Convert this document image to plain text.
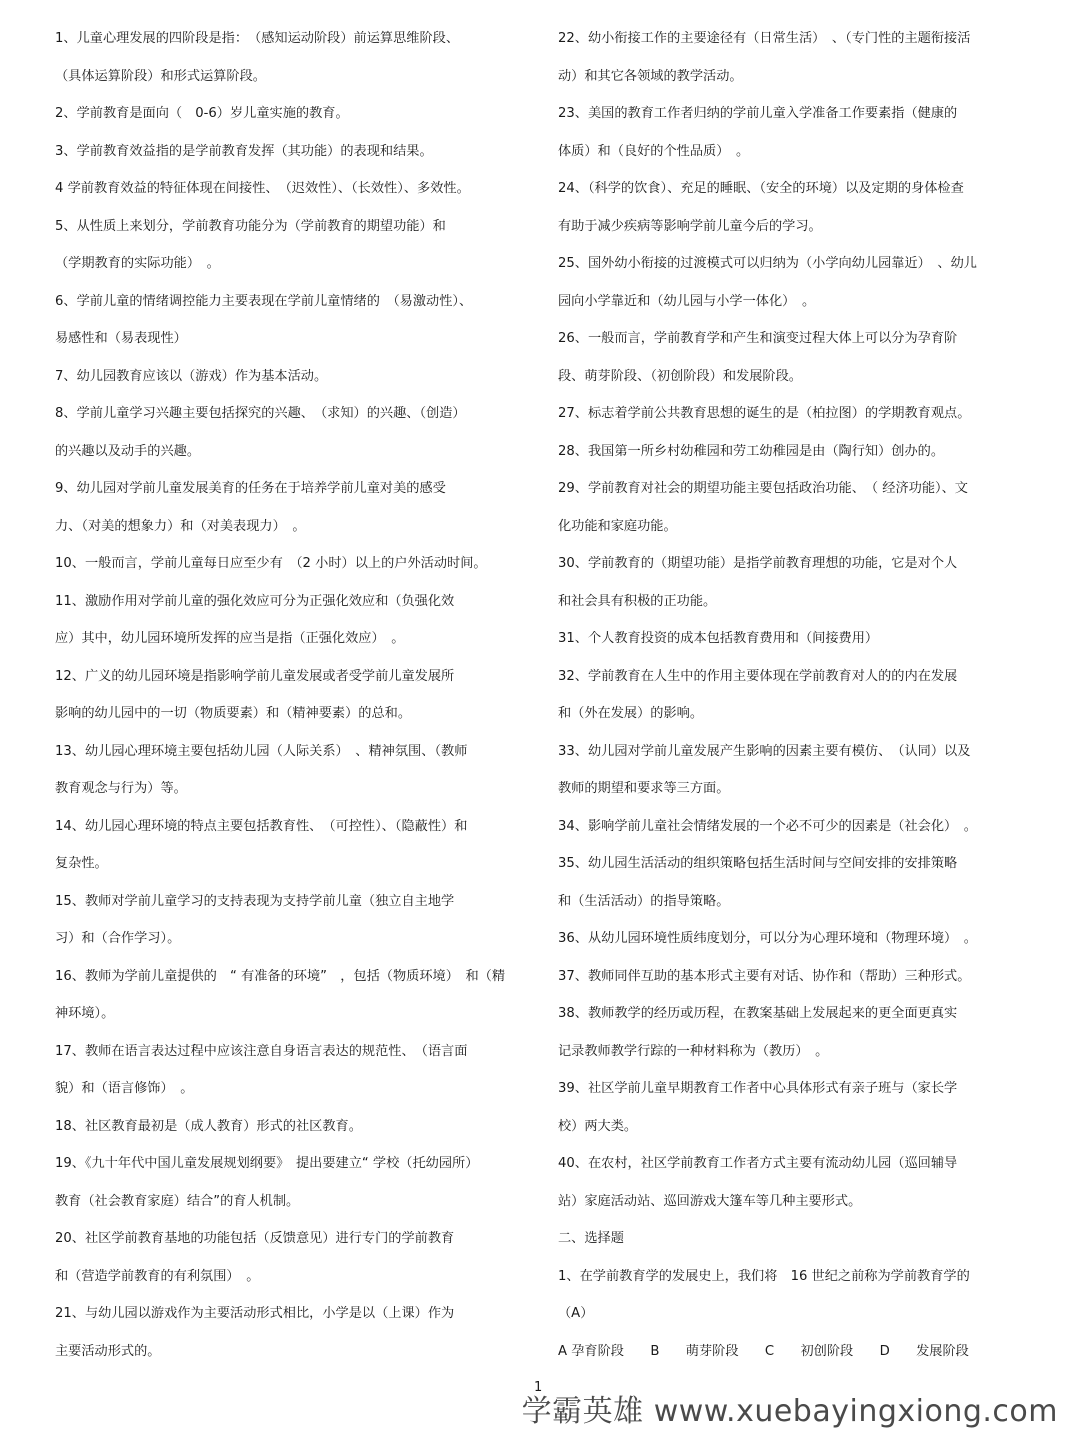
1、儿童心理发展的四阶段是指：　（感知运动阶段）前运算思维阶段、
（具体运算阶段）和形式运算阶段。
2、学前教育是面向（　0-6）岁儿童实施的教育。
3、学前教育效益指的是学前教育发挥（其功能）的表现和结果。
4 学前教育效益的特征体现在间接性、　（迟效性）、（长效性）、多效性。
5、从性质上来划分，学前教育功能分为（学前教育的期望功能）和
（学期教育的实际功能）　。
6、学前儿童的情绪调控能力主要表现在学前儿童情绪的　（易激动性）、
易感性和（易表现性）
7、幼儿园教育应该以（游戏）作为基本活动。
8、学前儿童学习兴趣主要包括探究的兴趣、　（求知）的兴趣、（创造）
的兴趣以及动手的兴趣。
9、幼儿园对学前儿童发展美育的任务在于培养学前儿童对美的感受
力、（对美的想象力）和（对美表现力）　。
10、一般而言，学前儿童每日应至少有　（2 小时）以上的户外活动时间。
11、激励作用对学前儿童的强化效应可分为正强化效应和（负强化效
应）其中，幼儿园环境所发挥的应当是指（正强化效应）　。
12、广义的幼儿园环境是指影响学前儿童发展或者受学前儿童发展所
影响的幼儿园中的一切（物质要素）和（精神要素）的总和。
13、幼儿园心理环境主要包括幼儿园（人际关系）　、精神氛围、（教师
教育观念与行为）等。
14、幼儿园心理环境的特点主要包括教育性、　（可控性）、（隐蔽性）和
复杂性。
15、教师对学前儿童学习的支持表现为支持学前儿童（独立自主地学
习）和（合作学习）。
16、教师为学前儿童提供的　“ 有准备的环境”　，包括（物质环境）　和（精
神环境）。
17、教师在语言表达过程中应该注意自身语言表达的规范性、　（语言面
貌）和（语言修饰）　。
18、社区教育最初是（成人教育）形式的社区教育。
19、《九十年代中国儿童发展规划纲要》　提出要建立“ 学校（托幼园所）
教育（社会教育家庭）结合”的育人机制。
20、社区学前教育基地的功能包括（反馈意见）进行专门的学前教育
和（营造学前教育的有利氛围）　。
21、与幼儿园以游戏作为主要活动形式相比，小学是以（上课）作为
主要活动形式的。
22、幼小衔接工作的主要途径有（日常生活）　、（专门性的主题衔接活
动）和其它各领域的教学活动。
23、美国的教育工作者归纳的学前儿童入学准备工作要素指（健康的
体质）和（良好的个性品质）　。
24、（科学的饮食）、充足的睡眠、（安全的环境）以及定期的身体检查
有助于减少疾病等影响学前儿童今后的学习。
25、国外幼小衔接的过渡模式可以归纳为（小学向幼儿园靠近）　、幼儿
园向小学靠近和（幼儿园与小学一体化）　。
26、一般而言，学前教育学和产生和演变过程大体上可以分为孕育阶
段、萌芽阶段、（初创阶段）和发展阶段。
27、标志着学前公共教育思想的诞生的是（柏拉图）的学期教育观点。
28、我国第一所乡村幼稚园和劳工幼稚园是由（陶行知）创办的。
29、学前教育对社会的期望功能主要包括政治功能、　（ 经济功能）、文
化功能和家庭功能。
30、学前教育的（期望功能）是指学前教育理想的功能，它是对个人
和社会具有积极的正功能。
31、个人教育投资的成本包括教育费用和（间接费用）
32、学前教育在人生中的作用主要体现在学前教育对人的的内在发展
和（外在发展）的影响。
33、幼儿园对学前儿童发展产生影响的因素主要有模仿、　（认同）以及
教师的期望和要求等三方面。
34、影响学前儿童社会情绪发展的一个必不可少的因素是（社会化）　。
35、幼儿园生活活动的组织策略包括生活时间与空间安排的安排策略
和（生活活动）的指导策略。
36、从幼儿园环境性质纬度划分，可以分为心理环境和（物理环境）　。
37、教师同伴互助的基本形式主要有对话、协作和（帮助）三种形式。
38、教师教学的经历或历程，在教案基础上发展起来的更全面更真实
记录教师教学行踪的一种材料称为（教历）　。
39、社区学前儿童早期教育工作者中心具体形式有亲子班与（家长学
校）两大类。
40、在农村，社区学前教育工作者方式主要有流动幼儿园（巡回辅导
站）家庭活动站、巡回游戏大篷车等几种主要形式。
二、选择题
1、在学前教育学的发展史上，我们将　16 世纪之前称为学前教育学的
（A）
A 孕育阶段　　B　　萌芽阶段　　C　　初创阶段　　D　　发展阶段
1
学霸英雄 www.xuebayingxiong.com
